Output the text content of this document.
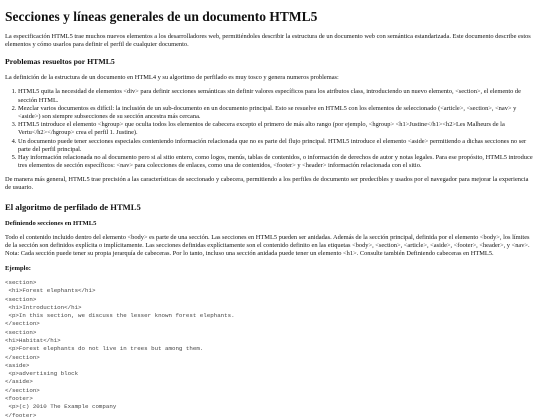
Secciones y líneas generales de un documento HTML5

La especificación HTML5 trae muchos nuevos elementos a los desarrolladores web, permitiéndoles describir la estructura de un documento web con semántica estandarizada. Este documento describe estos elementos y cómo usarlos para definir el perfil de cualquier documento.

Problemas resueltos por HTML5

La definición de la estructura de un documento en HTML4 y su algoritmo de perfilado es muy tosco y genera numeros problemas:

1. HTML5 quita la necesidad de elementos <div> para definir secciones semánticas sin definir valores específicos para los atributos class, introduciendo un nuevo elemento, <section>, el elemento de sección HTML.
2. Mezclar varios documentos es difícil: la inclusión de un sub-documento en un documento principal. Esto se resuelve en HTML5 con los elementos de seleccionado (<article>, <section>, <nav> y <aside>) son siempre subsecciones de su sección ancestra más cercana.
3. HTML5 introduce el elemento <hgroup> que oculta todos los elementos de cabecera excepto el primero de más alto rango (por ejemplo, <hgroup> <h1>Justine</h1><h2>Les Malheurs de la Vertu</h2></hgroup> crea el perfil 1. Justine).
4. Un documento puede tener secciones especiales conteniendo información relacionada que no es parte del flujo principal. HTML5 introduce el elemento <aside> permitiendo a dichas secciones no ser parte del perfil principal.
5. Hay información relacionada no al documento pero si al sitio entero, como logos, menús, tablas de contenidos, o información de derechos de autor y notas legales. Para ese propósito, HTML5 introduce tres elementos de sección específicos: <nav> para colecciones de enlaces, como una de contenidos, <footer> y <header> información relacionada con el sitio.

De manera más general, HTML5 trae precisión a las características de seccionado y cabecera, permitiendo a los perfiles de documento ser predecibles y usados por el navegador para mejorar la experiencia de usuario.

El algoritmo de perfilado de HTML5
Definiendo secciones en HTML5

Todo el contenido incluido dentro del elemento <body> es parte de una sección. Las secciones en HTML5 pueden ser anidadas. Además de la sección principal, definida por el elemento <body>, los límites de la sección son definidos explícita o implícitamente. Las secciones definidas explícitamente son el contenido definito en las etiquetas <body>, <section>, <article>, <aside>, <footer>, <header>, y <nav>. Nota: Cada sección puede tener su propia jerarquía de cabeceras. Por lo tanto, incluso una sección anidada puede tener un elemento <h1>. Consulte también Definiendo cabeceras en HTML5.

Ejemplo:
<section>
<h1>Forest elephants</h1>
<section>
<h1>Introduction</h1>
<p>In this section, we discuss the lesser known forest elephants.
</section>
<section>
<h1>Habitat</h1>
<p>Forest elephants do not live in trees but among them.
</section>
<aside>
<p>advertising block
</aside>
</section>
<footer>
<p>(c) 2010 The Example company
</footer>
